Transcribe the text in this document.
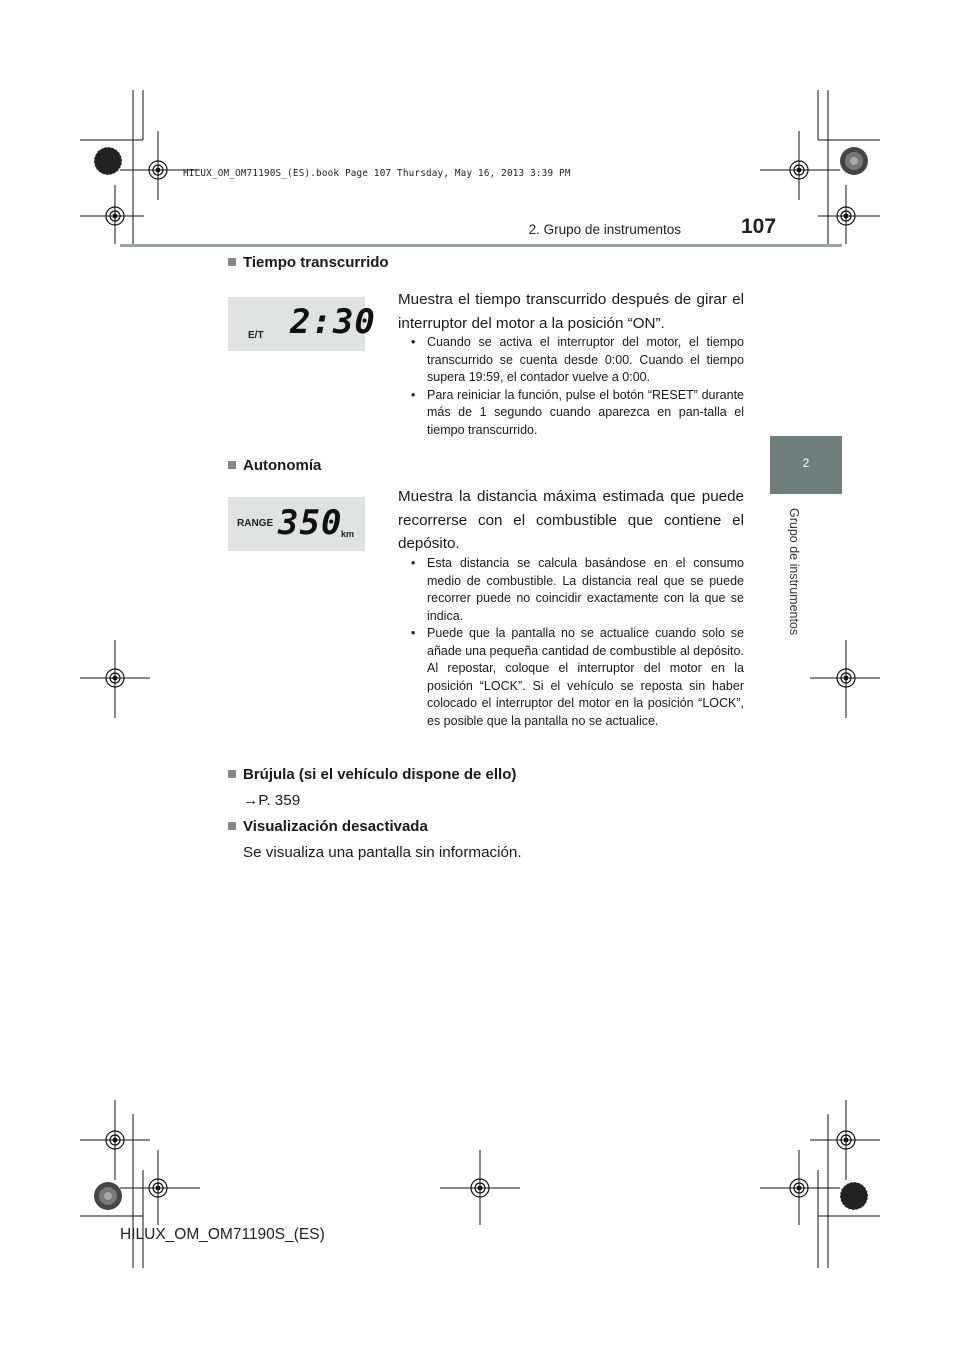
HILUX_OM_OM71190S_(ES).book Page 107 Thursday, May 16, 2013 3:39 PM
2. Grupo de instrumentos	107
2
Grupo de instrumentos
Tiempo transcurrido
E/T 2:30
Muestra el tiempo transcurrido después de girar el interruptor del motor a la posición “ON”.
• Cuando se activa el interruptor del motor, el tiempo transcurrido se cuenta desde 0:00. Cuando el tiempo supera 19:59, el contador vuelve a 0:00.
• Para reiniciar la función, pulse el botón “RESET” durante más de 1 segundo cuando aparezca en pan-talla el tiempo transcurrido.
Autonomía
RANGE 350
km
Muestra la distancia máxima estimada que puede recorrerse con el combustible que contiene el depósito.
• Esta distancia se calcula basándose en el consumo medio de combustible. La distancia real que se puede recorrer puede no coincidir exactamente con la que se indica.
• Puede que la pantalla no se actualice cuando solo se añade una pequeña cantidad de combustible al depósito.
Al repostar, coloque el interruptor del motor en la posición “LOCK”. Si el vehículo se reposta sin haber colocado el interruptor del motor en la posición “LOCK”, es posible que la pantalla no se actualice.
Brújula (si el vehículo dispone de ello)
→P. 359
Visualización desactivada
Se visualiza una pantalla sin información.
HILUX_OM_OM71190S_(ES)
